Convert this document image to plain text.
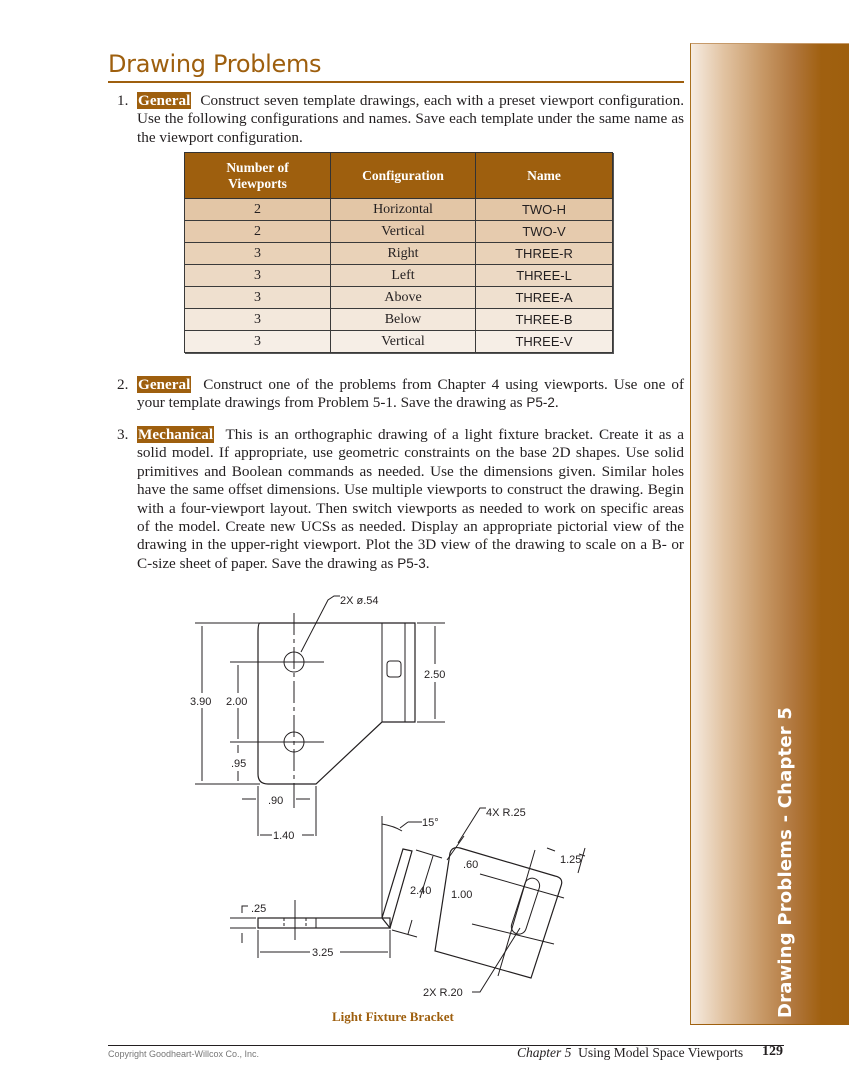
Drawing Problems - Chapter 5
Drawing Problems
1. General Construct seven template drawings, each with a preset viewport configuration. Use the following configurations and names. Save each template under the same name as the viewport configuration.
Number of
Viewports	Configuration	Name
2	Horizontal	TWO-H
2	Vertical	TWO-V
3	Right	THREE-R
3	Left	THREE-L
3	Above	THREE-A
3	Below	THREE-B
3	Vertical	THREE-V
2. General Construct one of the problems from Chapter 4 using viewports. Use one of your template drawings from Problem 5-1. Save the drawing as P5-2.
3. Mechanical This is an orthographic drawing of a light fixture bracket. Create it as a solid model. If appropriate, use geometric constraints on the base 2D shapes. Use solid primitives and Boolean commands as needed. Use the dimensions given. Similar holes have the same offset dimensions. Use multiple viewports to construct the drawing. Begin with a four-viewport layout. Then switch viewports as needed to work on specific areas of the model. Create new UCSs as needed. Display an appropriate pictorial view of the drawing in the upper-right viewport. Plot the 3D view of the drawing to scale on a B- or C-size sheet of paper. Save the drawing as P5-3.
2X ø.54
3.90 2.00
.95
2.50
.90
1.40
15°
2.40
.25
3.25
4X R.25
.60
1.00
1.25
2X R.20
Light Fixture Bracket
Copyright Goodheart-Willcox Co., Inc.	Chapter 5 Using Model Space Viewports 129
